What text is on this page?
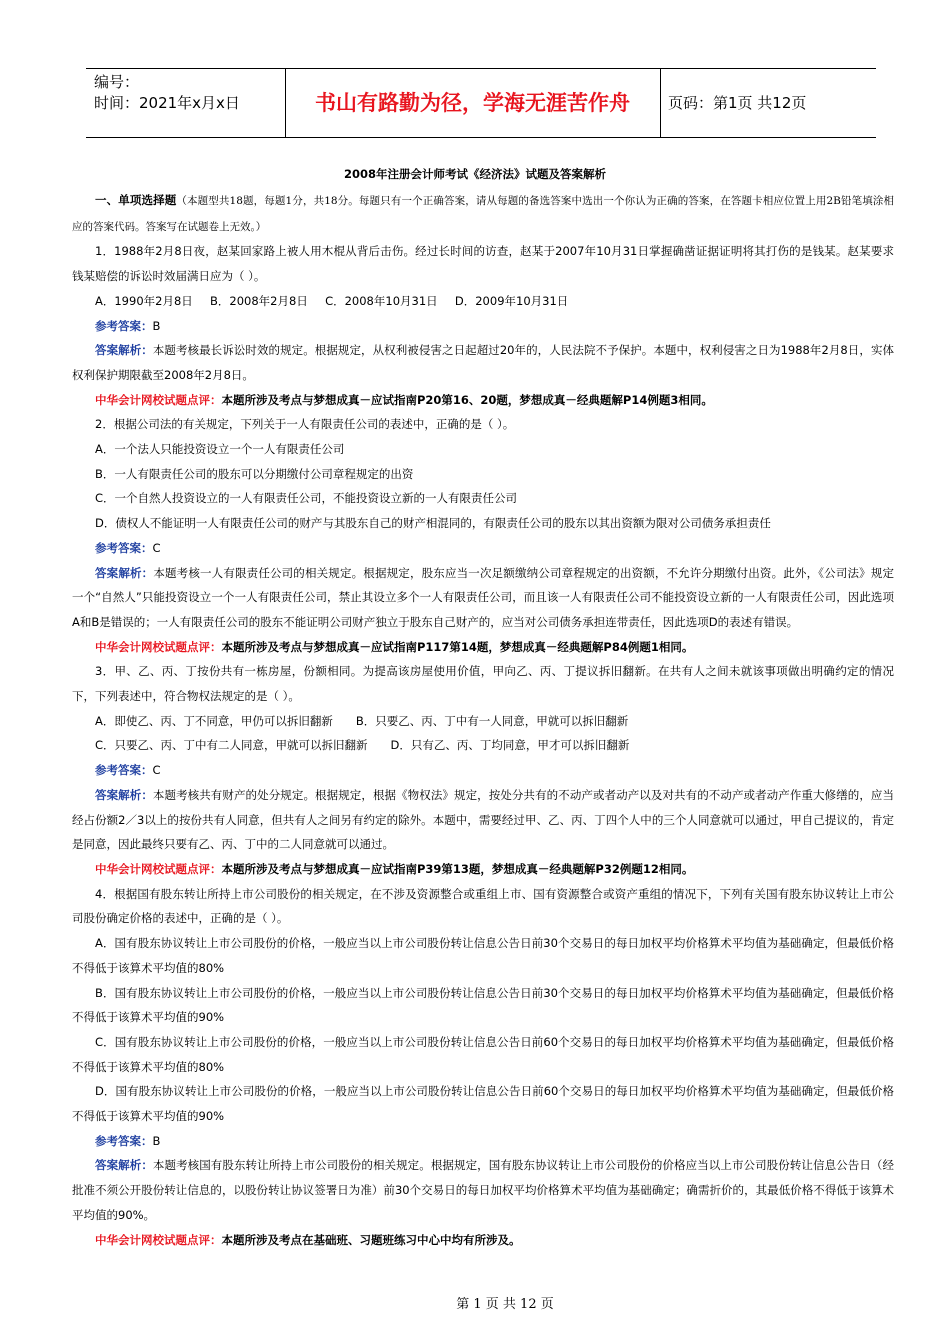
编号：
时间：2021年x月x日	书山有路勤为径，学海无涯苦作舟	页码：第1页 共12页
2008年注册会计师考试《经济法》试题及答案解析

一、单项选择题（本题型共18题，每题1分，共18分。每题只有一个正确答案，请从每题的备选答案中选出一个你认为正确的答案，在答题卡相应位置上用2B铅笔填涂相应的答案代码。答案写在试题卷上无效。）

1．1988年2月8日夜，赵某回家路上被人用木棍从背后击伤。经过长时间的访查，赵某于2007年10月31日掌握确凿证据证明将其打伤的是钱某。赵某要求钱某赔偿的诉讼时效届满日应为（ ）。

A．1990年2月8日   B．2008年2月8日   C．2008年10月31日   D．2009年10月31日

参考答案：B

答案解析：本题考核最长诉讼时效的规定。根据规定，从权利被侵害之日起超过20年的，人民法院不予保护。本题中，权利侵害之日为1988年2月8日，实体权利保护期限截至2008年2月8日。

中华会计网校试题点评：本题所涉及考点与梦想成真－应试指南P20第16、20题，梦想成真－经典题解P14例题3相同。

2．根据公司法的有关规定，下列关于一人有限责任公司的表述中，正确的是（ ）。

A．一个法人只能投资设立一个一人有限责任公司

B．一人有限责任公司的股东可以分期缴付公司章程规定的出资

C．一个自然人投资设立的一人有限责任公司，不能投资设立新的一人有限责任公司

D．债权人不能证明一人有限责任公司的财产与其股东自己的财产相混同的，有限责任公司的股东以其出资额为限对公司债务承担责任

参考答案：C

答案解析：本题考核一人有限责任公司的相关规定。根据规定，股东应当一次足额缴纳公司章程规定的出资额，不允许分期缴付出资。此外，《公司法》规定一个“自然人”只能投资设立一个一人有限责任公司，禁止其设立多个一人有限责任公司，而且该一人有限责任公司不能投资设立新的一人有限责任公司，因此选项A和B是错误的；一人有限责任公司的股东不能证明公司财产独立于股东自己财产的，应当对公司债务承担连带责任，因此选项D的表述有错误。

中华会计网校试题点评：本题所涉及考点与梦想成真－应试指南P117第14题，梦想成真－经典题解P84例题1相同。

3．甲、乙、丙、丁按份共有一栋房屋，份额相同。为提高该房屋使用价值，甲向乙、丙、丁提议拆旧翻新。在共有人之间未就该事项做出明确约定的情况下，下列表述中，符合物权法规定的是（ ）。

A．即使乙、丙、丁不同意，甲仍可以拆旧翻新   B．只要乙、丙、丁中有一人同意，甲就可以拆旧翻新

C．只要乙、丙、丁中有二人同意，甲就可以拆旧翻新   D．只有乙、丙、丁均同意，甲才可以拆旧翻新

参考答案：C

答案解析：本题考核共有财产的处分规定。根据规定，根据《物权法》规定，按处分共有的不动产或者动产以及对共有的不动产或者动产作重大修缮的，应当经占份额2／3以上的按份共有人同意，但共有人之间另有约定的除外。本题中，需要经过甲、乙、丙、丁四个人中的三个人同意就可以通过，甲自己提议的，肯定是同意，因此最终只要有乙、丙、丁中的二人同意就可以通过。

中华会计网校试题点评：本题所涉及考点与梦想成真－应试指南P39第13题，梦想成真－经典题解P32例题12相同。

4．根据国有股东转让所持上市公司股份的相关规定，在不涉及资源整合或重组上市、国有资源整合或资产重组的情况下，下列有关国有股东协议转让上市公司股份确定价格的表述中，正确的是（ ）。

A．国有股东协议转让上市公司股份的价格，一般应当以上市公司股份转让信息公告日前30个交易日的每日加权平均价格算术平均值为基础确定，但最低价格不得低于该算术平均值的80%

B．国有股东协议转让上市公司股份的价格，一般应当以上市公司股份转让信息公告日前30个交易日的每日加权平均价格算术平均值为基础确定，但最低价格不得低于该算术平均值的90%

C．国有股东协议转让上市公司股份的价格，一般应当以上市公司股份转让信息公告日前60个交易日的每日加权平均价格算术平均值为基础确定，但最低价格不得低于该算术平均值的80%

D．国有股东协议转让上市公司股份的价格，一般应当以上市公司股份转让信息公告日前60个交易日的每日加权平均价格算术平均值为基础确定，但最低价格不得低于该算术平均值的90%

参考答案：B

答案解析：本题考核国有股东转让所持上市公司股份的相关规定。根据规定，国有股东协议转让上市公司股份的价格应当以上市公司股份转让信息公告日（经批准不须公开股份转让信息的，以股份转让协议签署日为准）前30个交易日的每日加权平均价格算术平均值为基础确定；确需折价的，其最低价格不得低于该算术平均值的90%。

中华会计网校试题点评：本题所涉及考点在基础班、习题班练习中心中均有所涉及。

第 1 页 共 12 页
